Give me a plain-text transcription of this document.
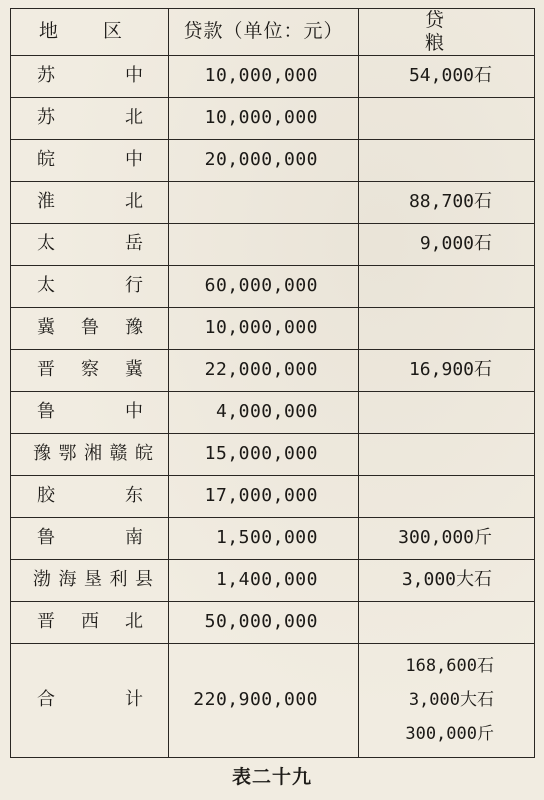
地　区	贷款（单位：元）	贷　粮
苏　中	10,000,000	54,000石
苏　北	10,000,000	
皖　中	20,000,000	
淮　北		88,700石
太　岳		9,000石
太　行	60,000,000	
冀鲁豫	10,000,000	
晋察冀	22,000,000	16,900石
鲁　中	4,000,000	
豫鄂湘赣皖	15,000,000	
胶　东	17,000,000	
鲁　南	1,500,000	300,000斤
渤海垦利县	1,400,000	3,000大石
晋西北	50,000,000	
合　计	220,900,000	168,600石
3,000大石
300,000斤
表二十九
